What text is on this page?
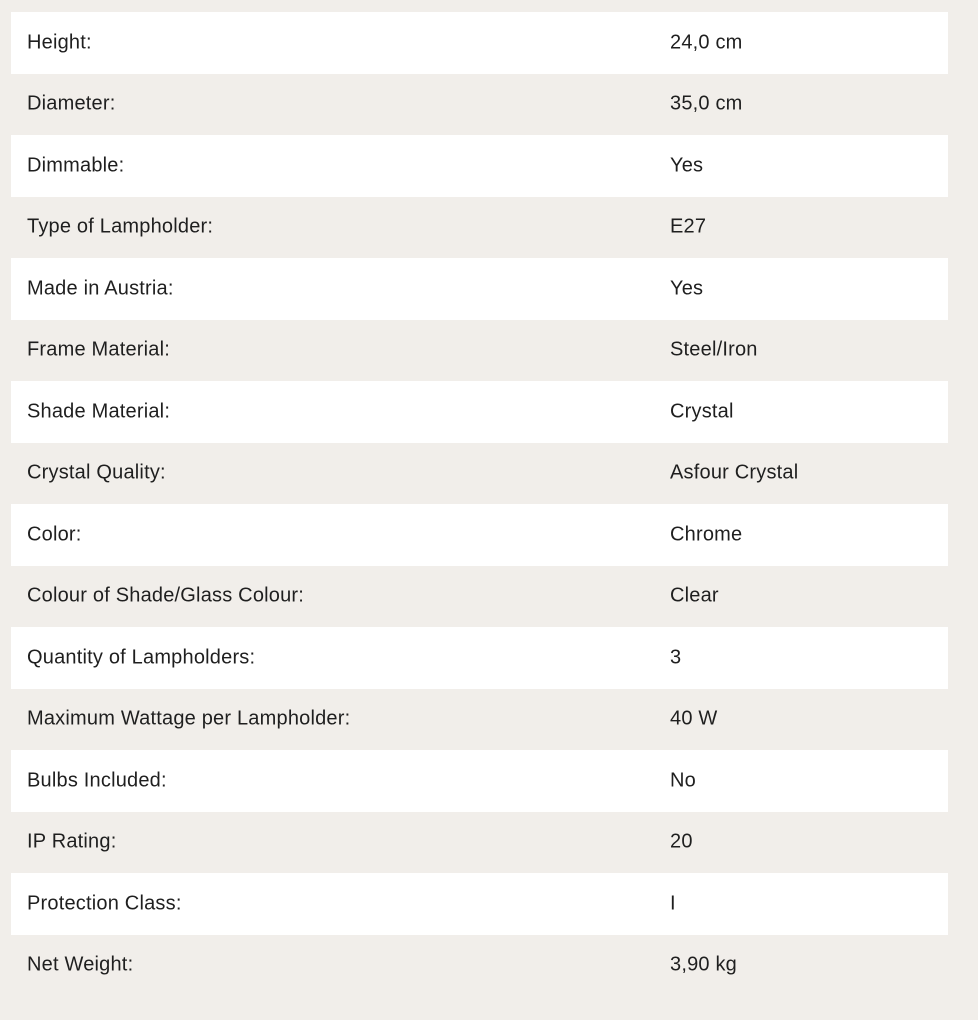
Height:	24,0 cm
Diameter:	35,0 cm
Dimmable:	Yes
Type of Lampholder:	E27
Made in Austria:	Yes
Frame Material:	Steel/Iron
Shade Material:	Crystal
Crystal Quality:	Asfour Crystal
Color:	Chrome
Colour of Shade/Glass Colour:	Clear
Quantity of Lampholders:	3
Maximum Wattage per Lampholder:	40 W
Bulbs Included:	No
IP Rating:	20
Protection Class:	I
Net Weight:	3,90 kg
